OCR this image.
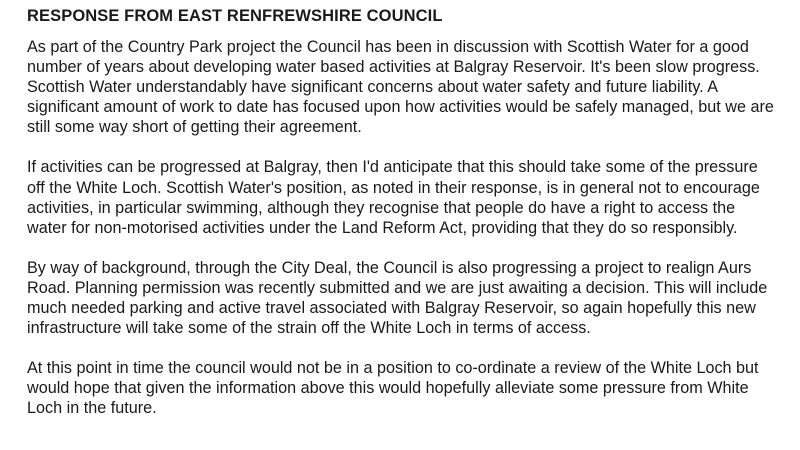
RESPONSE FROM EAST RENFREWSHIRE COUNCIL

As part of the Country Park project the Council has been in discussion with Scottish Water for a good number of years about developing water based activities at Balgray Reservoir. It's been slow progress. Scottish Water understandably have significant concerns about water safety and future liability. A significant amount of work to date has focused upon how activities would be safely managed, but we are still some way short of getting their agreement.

If activities can be progressed at Balgray, then I'd anticipate that this should take some of the pressure off the White Loch. Scottish Water's position, as noted in their response, is in general not to encourage activities, in particular swimming, although they recognise that people do have a right to access the water for non-motorised activities under the Land Reform Act, providing that they do so responsibly.

By way of background, through the City Deal, the Council is also progressing a project to realign Aurs Road. Planning permission was recently submitted and we are just awaiting a decision. This will include much needed parking and active travel associated with Balgray Reservoir, so again hopefully this new infrastructure will take some of the strain off the White Loch in terms of access.

At this point in time the council would not be in a position to co-ordinate a review of the White Loch but would hope that given the information above this would hopefully alleviate some pressure from White Loch in the future.
